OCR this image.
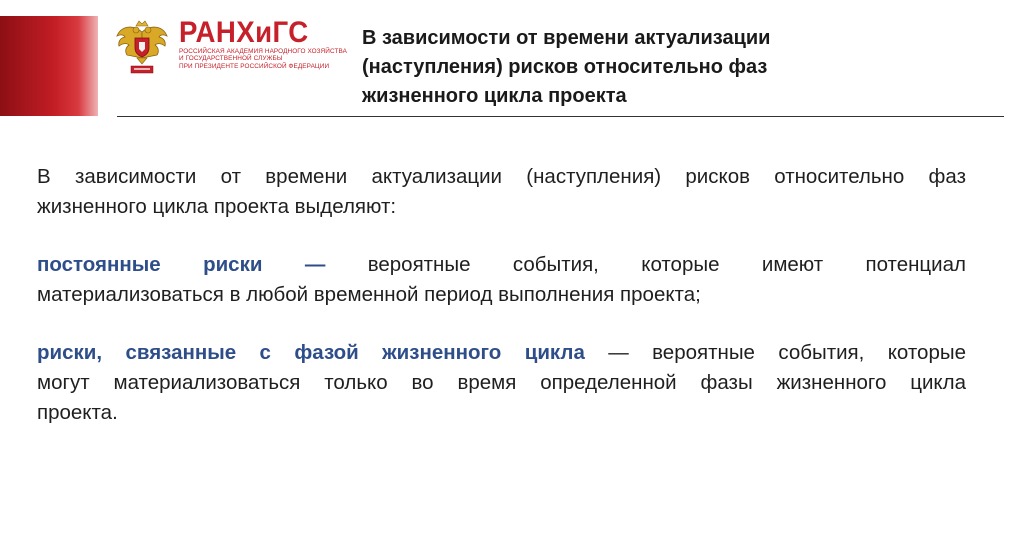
РАНХиГС
РОССИЙСКАЯ АКАДЕМИЯ НАРОДНОГО ХОЗЯЙСТВА
И ГОСУДАРСТВЕННОЙ СЛУЖБЫ
ПРИ ПРЕЗИДЕНТЕ РОССИЙСКОЙ ФЕДЕРАЦИИ
В зависимости от времени актуализации
(наступления) рисков относительно фаз
жизненного цикла проекта

В зависимости от времени актуализации (наступления) рисков относительно фаз
жизненного цикла проекта выделяют:

постоянные риски — вероятные события, которые имеют потенциал
материализоваться в любой временной период выполнения проекта;

риски, связанные с фазой жизненного цикла — вероятные события, которые
могут материализоваться только во время определенной фазы жизненного цикла
проекта.
